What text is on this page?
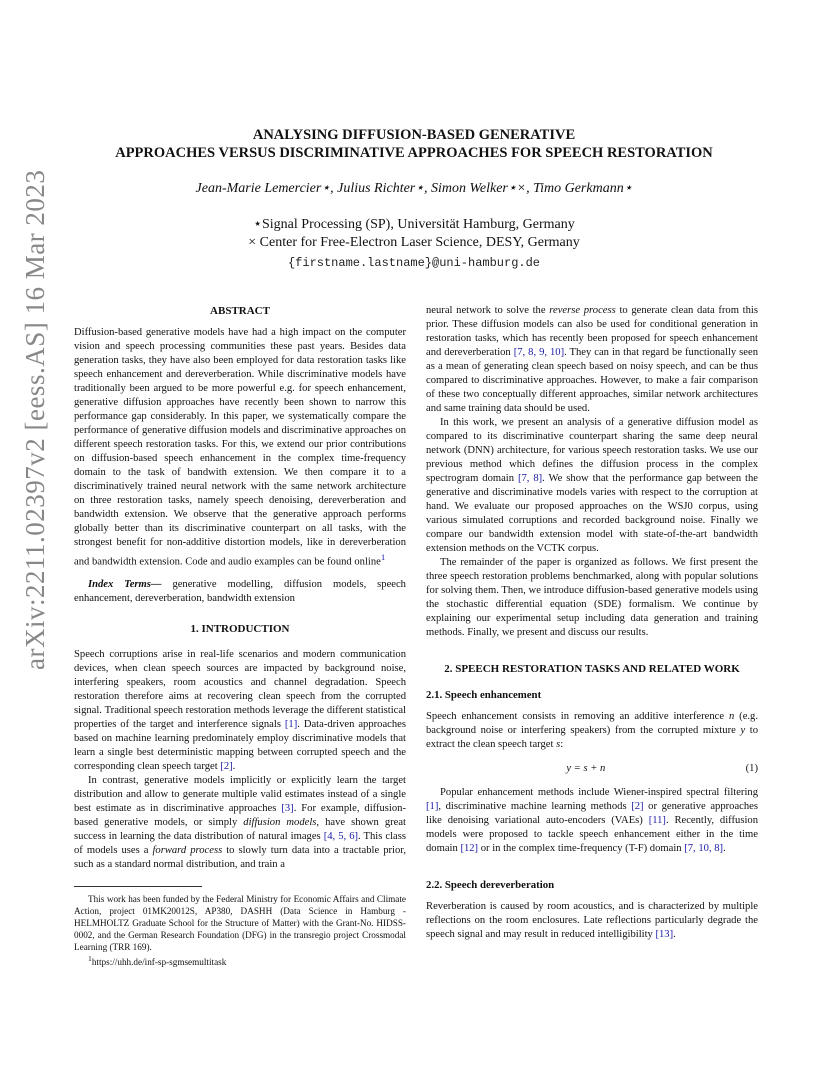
arXiv:2211.02397v2 [eess.AS] 16 Mar 2023
ANALYSING DIFFUSION-BASED GENERATIVE
APPROACHES VERSUS DISCRIMINATIVE APPROACHES FOR SPEECH RESTORATION
Jean-Marie Lemercier⋆, Julius Richter⋆, Simon Welker⋆×, Timo Gerkmann⋆
⋆Signal Processing (SP), Universität Hamburg, Germany
× Center for Free-Electron Laser Science, DESY, Germany
{firstname.lastname}@uni-hamburg.de
ABSTRACT

Diffusion-based generative models have had a high impact on the computer vision and speech processing communities these past years. Besides data generation tasks, they have also been employed for data restoration tasks like speech enhancement and dereverberation. While discriminative models have traditionally been argued to be more powerful e.g. for speech enhancement, generative diffusion approaches have recently been shown to narrow this performance gap considerably. In this paper, we systematically compare the performance of generative diffusion models and discriminative approaches on different speech restoration tasks. For this, we extend our prior contributions on diffusion-based speech enhancement in the complex time-frequency domain to the task of bandwith extension. We then compare it to a discriminatively trained neural network with the same network architecture on three restoration tasks, namely speech denoising, dereverberation and bandwidth extension. We observe that the generative approach performs globally better than its discriminative counterpart on all tasks, with the strongest benefit for non-additive distortion models, like in dereverberation and bandwidth extension. Code and audio examples can be found online$^1$

Index Terms— generative modelling, diffusion models, speech enhancement, dereverberation, bandwidth extension

1. INTRODUCTION

Speech corruptions arise in real-life scenarios and modern communication devices, when clean speech sources are impacted by background noise, interfering speakers, room acoustics and channel degradation. Speech restoration therefore aims at recovering clean speech from the corrupted signal. Traditional speech restoration methods leverage the different statistical properties of the target and interference signals [1]. Data-driven approaches based on machine learning predominately employ discriminative models that learn a single best deterministic mapping between corrupted speech and the corresponding clean speech target [2].

In contrast, generative models implicitly or explicitly learn the target distribution and allow to generate multiple valid estimates instead of a single best estimate as in discriminative approaches [3]. For example, diffusion-based generative models, or simply diffusion models, have shown great success in learning the data distribution of natural images [4, 5, 6]. This class of models uses a forward process to slowly turn data into a tractable prior, such as a standard normal distribution, and train a

This work has been funded by the Federal Ministry for Economic Affairs and Climate Action, project 01MK20012S, AP380, DASHH (Data Science in Hamburg - HELMHOLTZ Graduate School for the Structure of Matter) with the Grant-No. HIDSS-0002, and the German Research Foundation (DFG) in the transregio project Crossmodal Learning (TRR 169).

$^1$https://uhh.de/inf-sp-sgmsemultitask

neural network to solve the reverse process to generate clean data from this prior. These diffusion models can also be used for conditional generation in restoration tasks, which has recently been proposed for speech enhancement and dereverberation [7, 8, 9, 10]. They can in that regard be functionally seen as a mean of generating clean speech based on noisy speech, and can be thus compared to discriminative approaches. However, to make a fair comparison of these two conceptually different approaches, similar network architectures and same training data should be used.

In this work, we present an analysis of a generative diffusion model as compared to its discriminative counterpart sharing the same deep neural network (DNN) architecture, for various speech restoration tasks. We use our previous method which defines the diffusion process in the complex spectrogram domain [7, 8]. We show that the performance gap between the generative and discriminative models varies with respect to the corruption at hand. We evaluate our proposed approaches on the WSJ0 corpus, using various simulated corruptions and recorded background noise. Finally we compare our bandwidth extension model with state-of-the-art bandwidth extension methods on the VCTK corpus.

The remainder of the paper is organized as follows. We first present the three speech restoration problems benchmarked, along with popular solutions for solving them. Then, we introduce diffusion-based generative models using the stochastic differential equation (SDE) formalism. We continue by explaining our experimental setup including data generation and training methods. Finally, we present and discuss our results.

2. SPEECH RESTORATION TASKS AND RELATED WORK
2.1. Speech enhancement

Speech enhancement consists in removing an additive interference n (e.g. background noise or interfering speakers) from the corrupted mixture y to extract the clean speech target s:

y = s + n	(1)

Popular enhancement methods include Wiener-inspired spectral filtering [1], discriminative machine learning methods [2] or generative approaches like denoising variational auto-encoders (VAEs) [11]. Recently, diffusion models were proposed to tackle speech enhancement either in the time domain [12] or in the complex time-frequency (T-F) domain [7, 10, 8].

2.2. Speech dereverberation

Reverberation is caused by room acoustics, and is characterized by multiple reflections on the room enclosures. Late reflections particularly degrade the speech signal and may result in reduced intelligibility [13].
